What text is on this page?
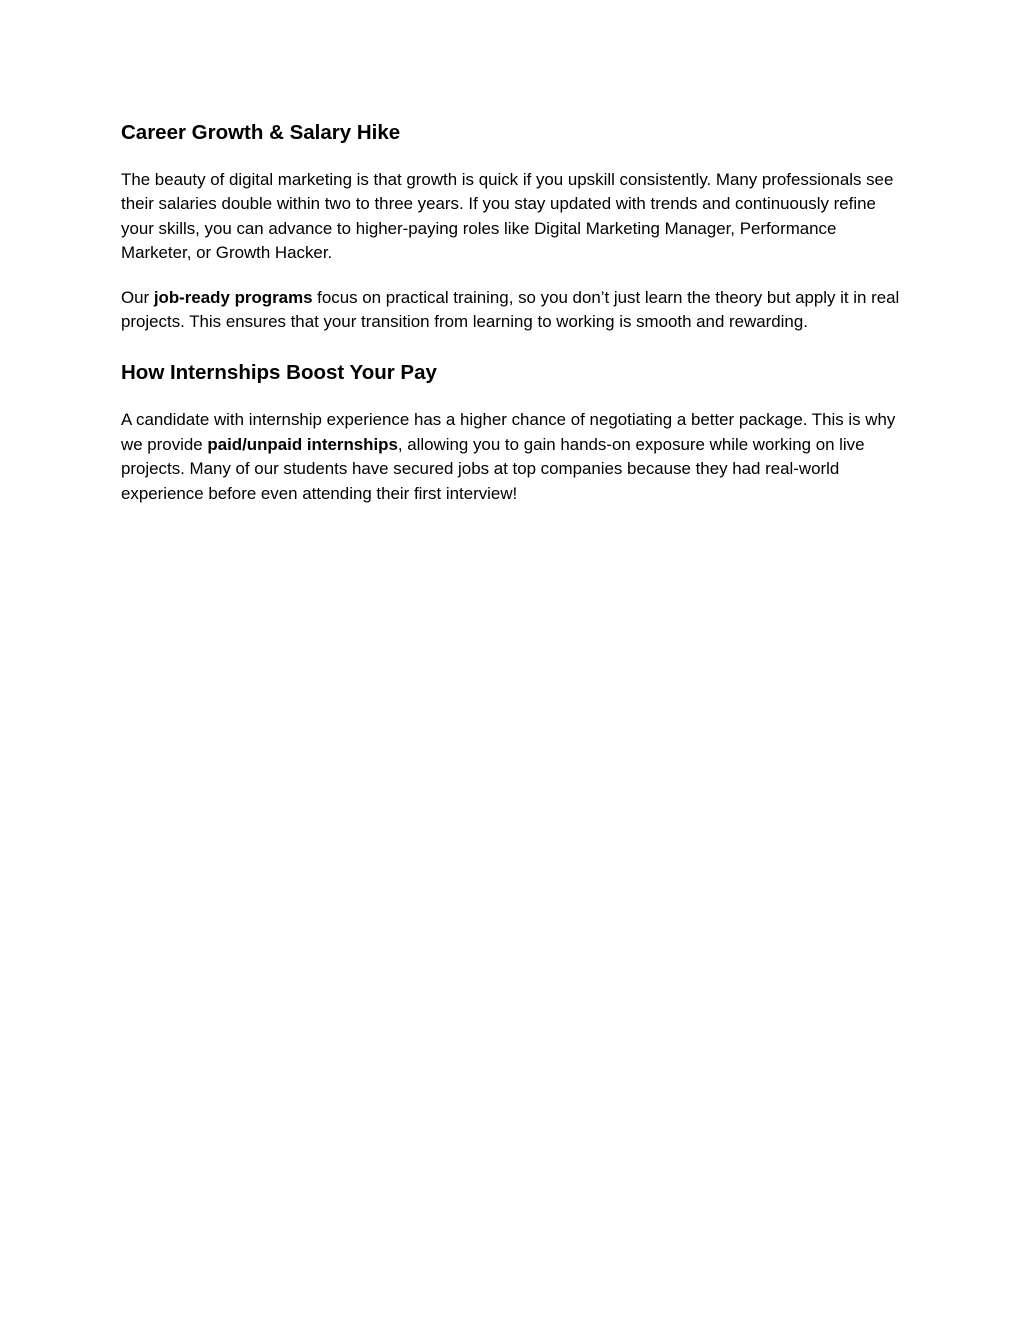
Career Growth & Salary Hike

The beauty of digital marketing is that growth is quick if you upskill consistently. Many professionals see their salaries double within two to three years. If you stay updated with trends and continuously refine your skills, you can advance to higher-paying roles like Digital Marketing Manager, Performance Marketer, or Growth Hacker.

Our job-ready programs focus on practical training, so you don’t just learn the theory but apply it in real projects. This ensures that your transition from learning to working is smooth and rewarding.

How Internships Boost Your Pay

A candidate with internship experience has a higher chance of negotiating a better package. This is why we provide paid/unpaid internships, allowing you to gain hands-on exposure while working on live projects. Many of our students have secured jobs at top companies because they had real-world experience before even attending their first interview!
